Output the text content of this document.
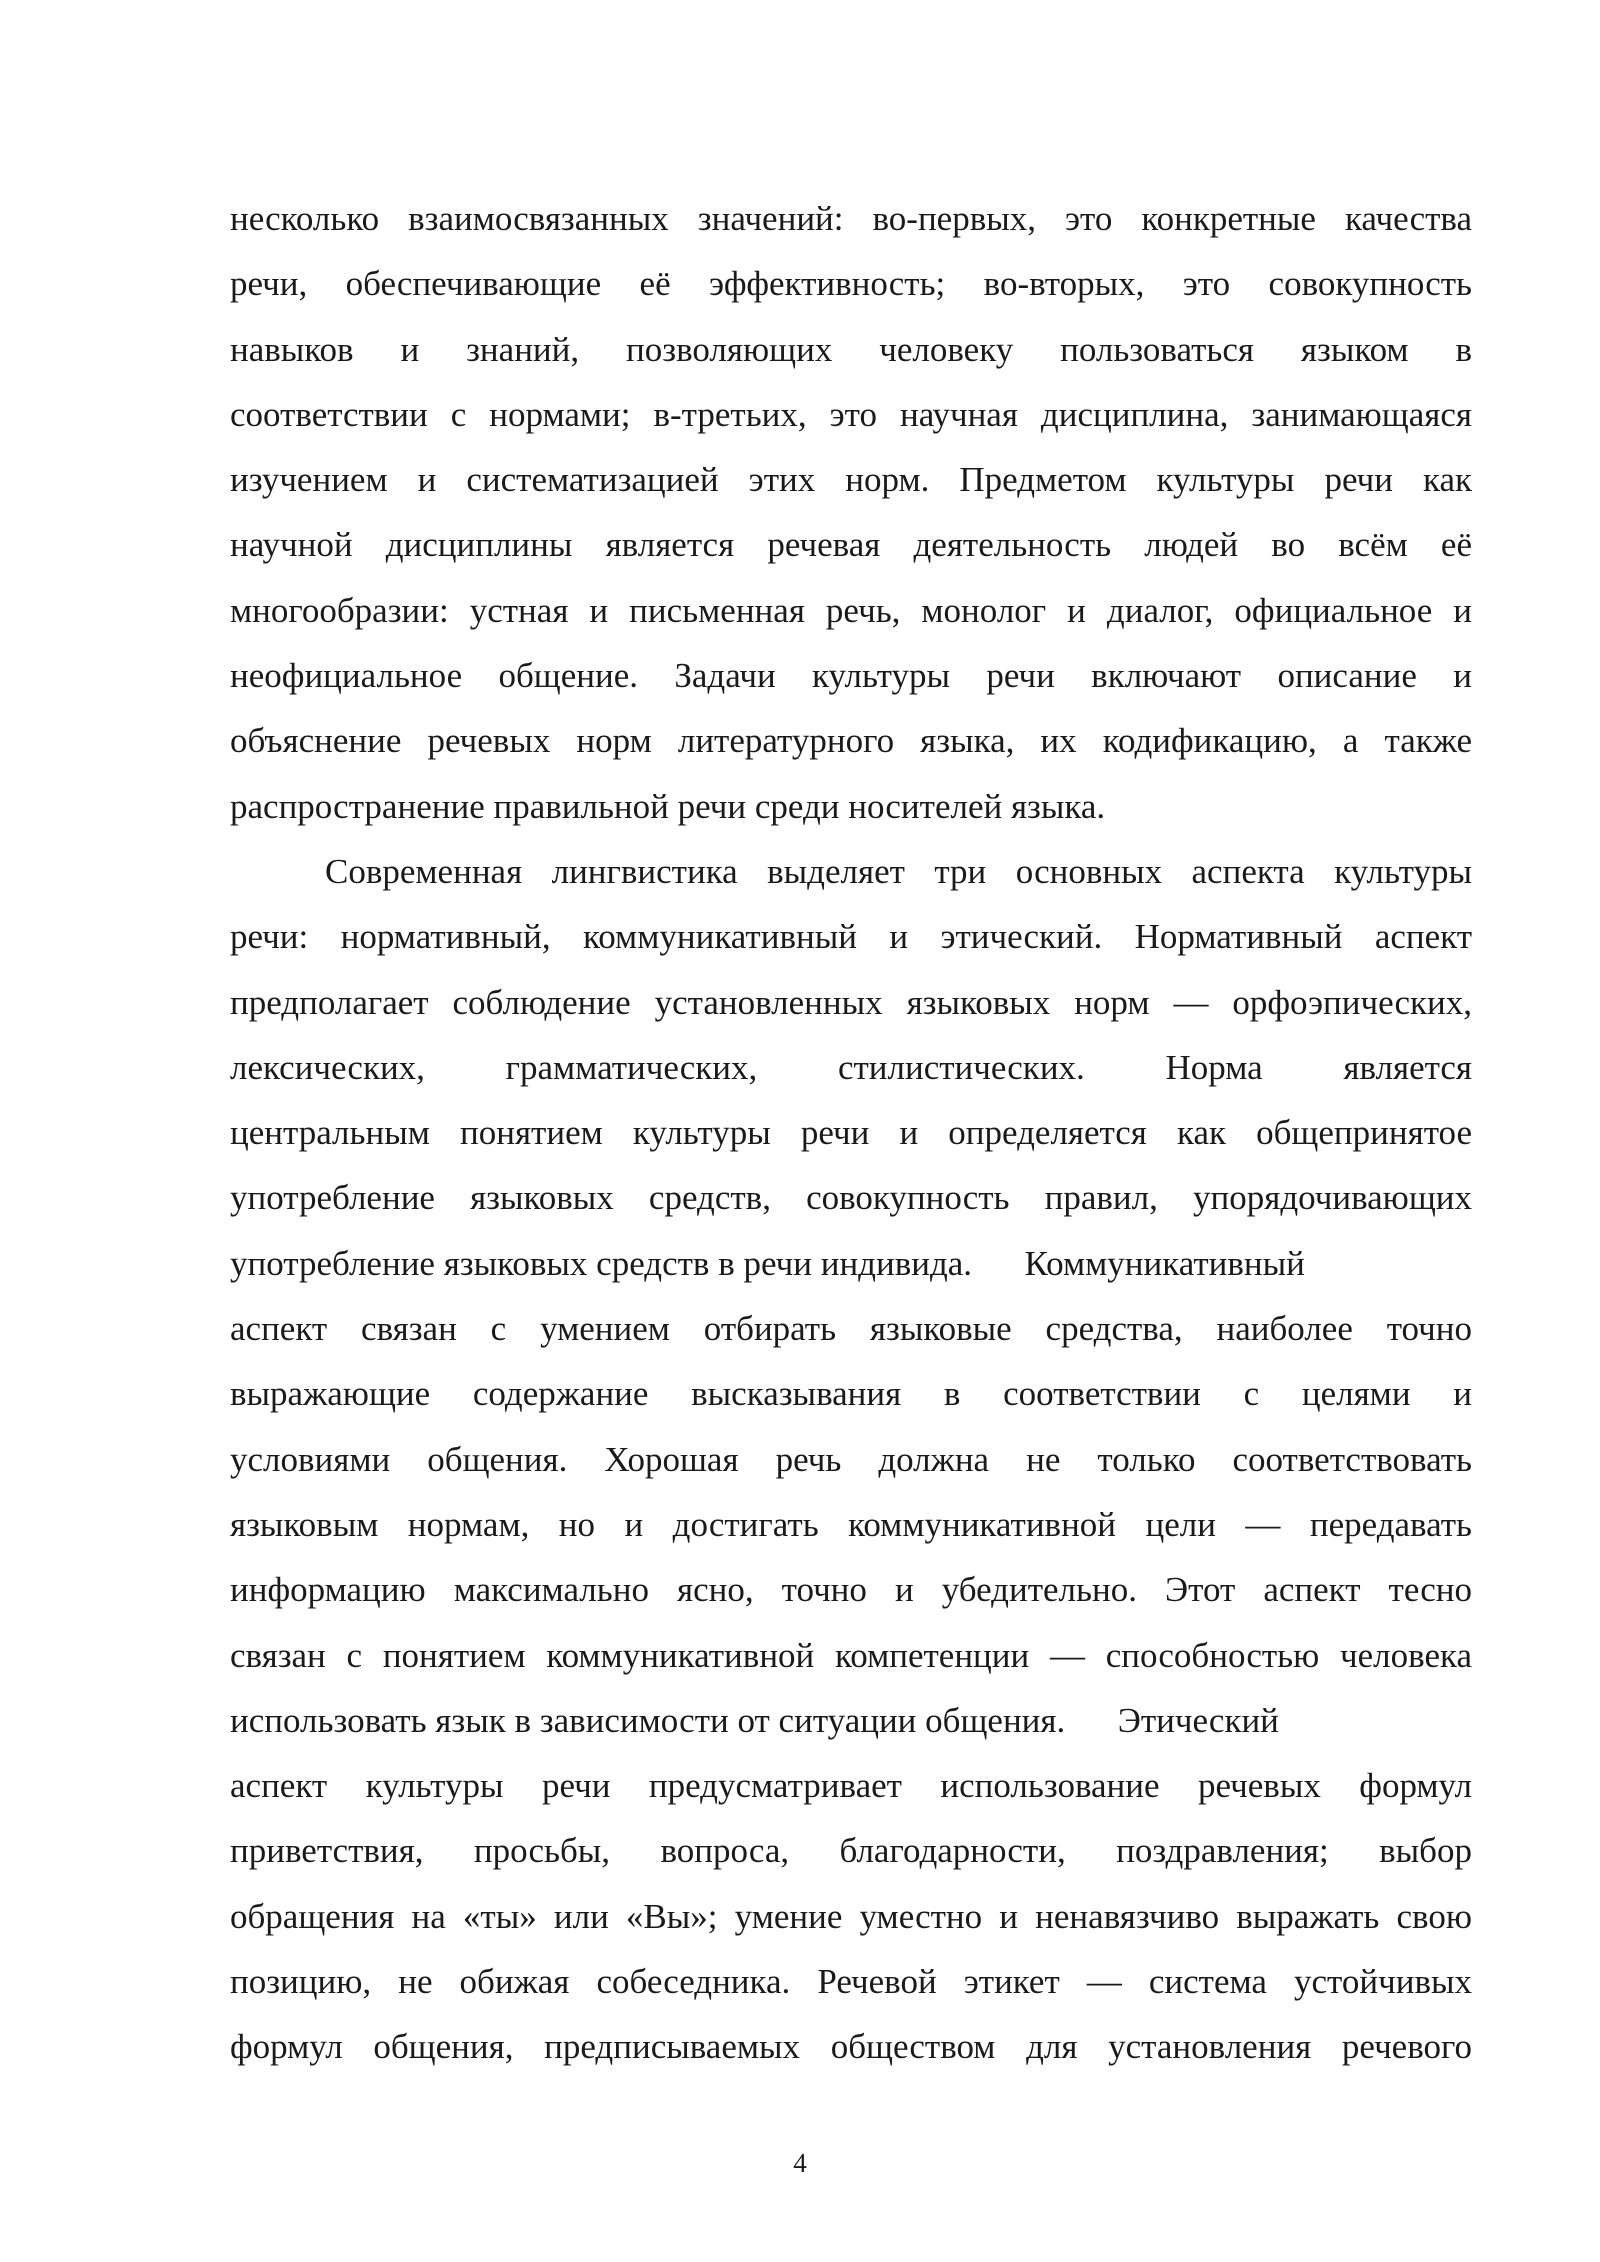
несколько взаимосвязанных значений: во-первых, это конкретные качества
речи, обеспечивающие её эффективность; во-вторых, это совокупность
навыков и знаний, позволяющих человеку пользоваться языком в
соответствии с нормами; в-третьих, это научная дисциплина, занимающаяся
изучением и систематизацией этих норм. Предметом культуры речи как
научной дисциплины является речевая деятельность людей во всём её
многообразии: устная и письменная речь, монолог и диалог, официальное и
неофициальное общение. Задачи культуры речи включают описание и
объяснение речевых норм литературного языка, их кодификацию, а также
распространение правильной речи среди носителей языка.
Современная лингвистика выделяет три основных аспекта культуры
речи: нормативный, коммуникативный и этический. Нормативный аспект
предполагает соблюдение установленных языковых норм — орфоэпических,
лексических, грамматических, стилистических. Норма является
центральным понятием культуры речи и определяется как общепринятое
употребление языковых средств, совокупность правил, упорядочивающих
употребление языковых средств в речи индивида.      Коммуникативный
аспект связан с умением отбирать языковые средства, наиболее точно
выражающие содержание высказывания в соответствии с целями и
условиями общения. Хорошая речь должна не только соответствовать
языковым нормам, но и достигать коммуникативной цели — передавать
информацию максимально ясно, точно и убедительно. Этот аспект тесно
связан с понятием коммуникативной компетенции — способностью человека
использовать язык в зависимости от ситуации общения.      Этический
аспект культуры речи предусматривает использование речевых формул
приветствия, просьбы, вопроса, благодарности, поздравления; выбор
обращения на «ты» или «Вы»; умение уместно и ненавязчиво выражать свою
позицию, не обижая собеседника. Речевой этикет — система устойчивых
формул общения, предписываемых обществом для установления речевого
4
